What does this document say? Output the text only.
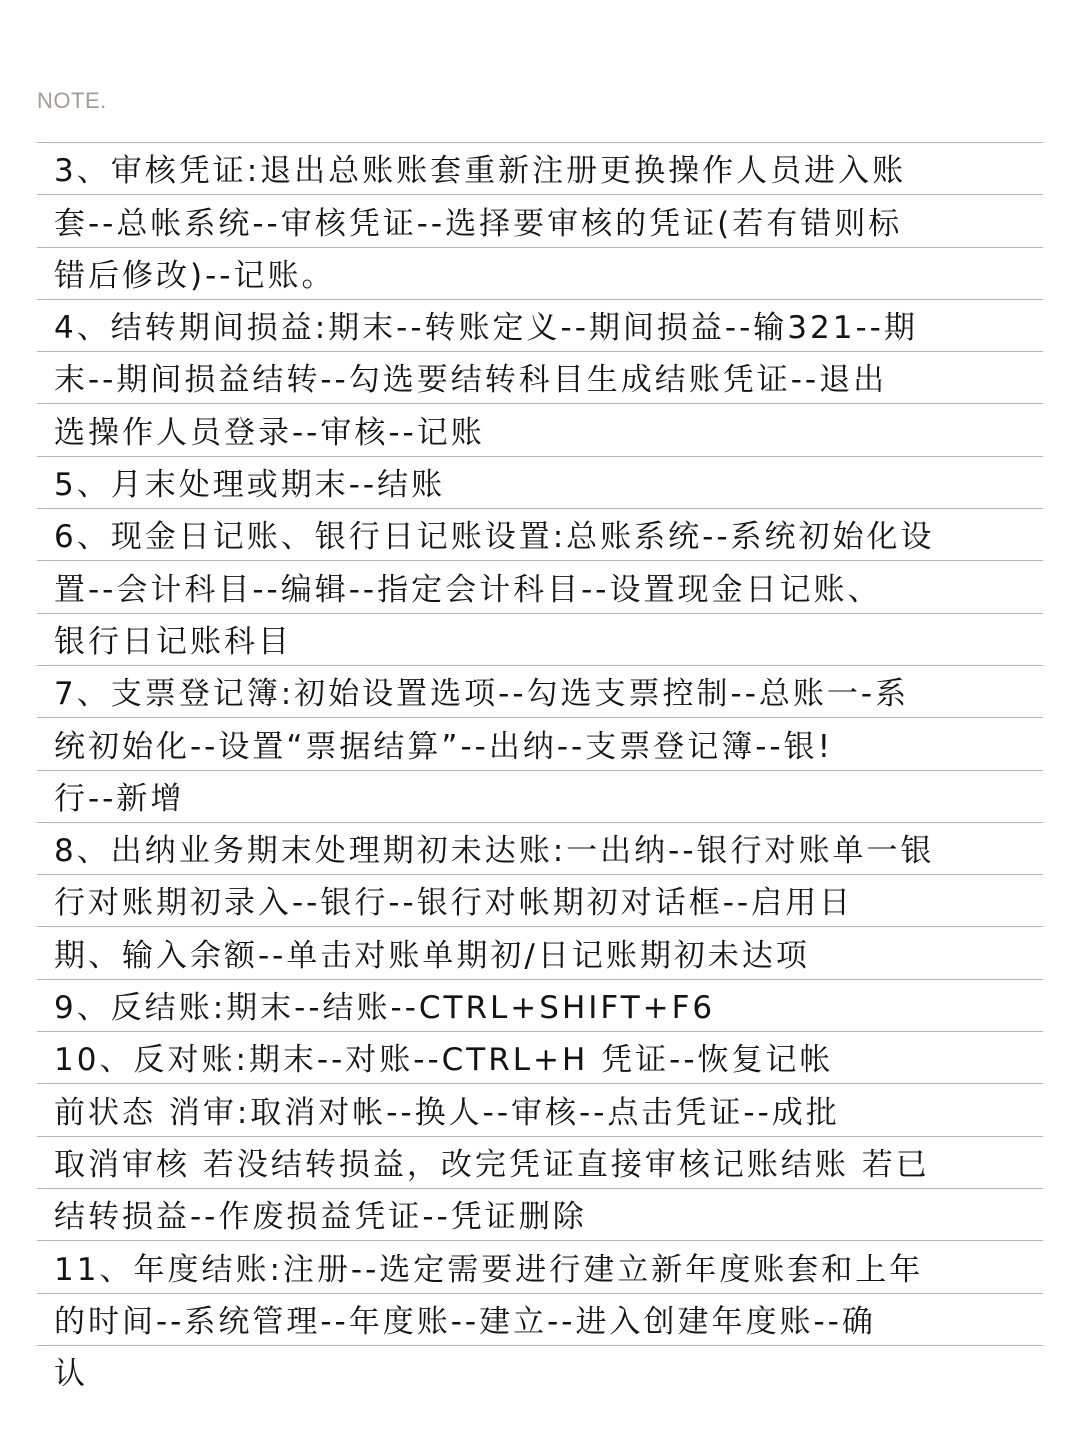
NOTE.
3、审核凭证:退出总账账套重新注册更换操作人员进入账
套--总帐系统--审核凭证--选择要审核的凭证(若有错则标
错后修改)--记账。
4、结转期间损益:期末--转账定义--期间损益--输321--期
末--期间损益结转--勾选要结转科目生成结账凭证--退出
选操作人员登录--审核--记账
5、月末处理或期末--结账
6、现金日记账、银行日记账设置:总账系统--系统初始化设
置--会计科目--编辑--指定会计科目--设置现金日记账、
银行日记账科目
7、支票登记簿:初始设置选项--勾选支票控制--总账一-系
统初始化--设置“票据结算”--出纳--支票登记簿--银!
行--新增
8、出纳业务期末处理期初未达账:一出纳--银行对账单一银
行对账期初录入--银行--银行对帐期初对话框--启用日
期、输入余额--单击对账单期初/日记账期初未达项
9、反结账:期末--结账--CTRL+SHIFT+F6
10、反对账:期末--对账--CTRL+H 凭证--恢复记帐
前状态 消审:取消对帐--换人--审核--点击凭证--成批
取消审核 若没结转损益，改完凭证直接审核记账结账 若已
结转损益--作废损益凭证--凭证删除
11、年度结账:注册--选定需要进行建立新年度账套和上年
的时间--系统管理--年度账--建立--进入创建年度账--确
认
